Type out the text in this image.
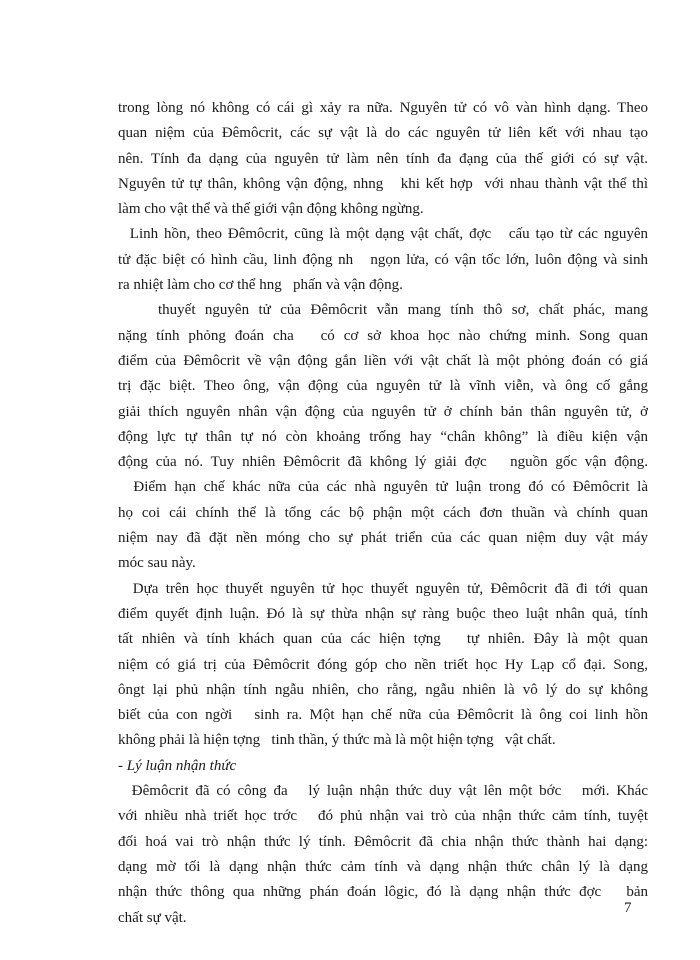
trong lòng nó không có cái gì xảy ra nữa. Nguyên tử có vô vàn hình dạng. Theo
quan niệm của Đêmôcrit, các sự vật là do các nguyên tử liên kết với nhau tạo
nên. Tính đa dạng của nguyên tử làm nên tính đa đạng của thế giới có sự vật.
Nguyên tử tự thân, không vận động, nhng   khi kết hợp  với nhau thành vật thể thì
làm cho vật thể và thế giới vận động không ngừng.
Linh hồn, theo Đêmôcrit, cũng là một dạng vật chất, đợc   cấu tạo từ các nguyên
tử đặc biệt có hình cầu, linh động nh   ngọn lửa, có vận tốc lớn, luôn động và sinh
ra nhiệt làm cho cơ thể hng   phấn và vận động.

thuyết nguyên tử của Đêmôcrit vẫn mang tính thô sơ, chất phác, mang
nặng tính phỏng đoán cha   có cơ sở khoa học nào chứng minh. Song quan
điểm của Đêmôcrit về vận động gắn liền với vật chất là một phỏng đoán có giá
trị đặc biệt. Theo ông, vận động của nguyên tử là vĩnh viễn, và ông cố gắng
giải thích nguyên nhân vận động của nguyên tử ở chính bản thân nguyên tử, ở
động lực tự thân tự nó còn khoảng trống hay “chân không” là điều kiện vận
động của nó. Tuy nhiên Đêmôcrit đã không lý giải đợc   nguồn gốc vận động.
Điểm hạn chế khác nữa của các nhà nguyên tử luận trong đó có Đêmôcrit là
họ coi cái chính thể là tổng các bộ phận một cách đơn thuần và chính quan
niệm nay đã đặt nền móng cho sự phát triển của các quan niệm duy vật máy
móc sau này.
Dựa trên học thuyết nguyên tử học thuyết nguyên tử, Đêmôcrit đã đi tới quan
điểm quyết định luận. Đó là sự thừa nhận sự ràng buộc theo luật nhân quả, tính
tất nhiên và tính khách quan của các hiện tợng   tự nhiên. Đây là một quan
niệm có giá trị của Đêmôcrit đóng góp cho nền triết học Hy Lạp cổ đại. Song,
ôngt lại phủ nhận tính ngẫu nhiên, cho rằng, ngẫu nhiên là vô lý do sự không
biết của con ngời   sinh ra. Một hạn chế nữa của Đêmôcrit là ông coi linh hồn
không phải là hiện tợng   tinh thần, ý thức mà là một hiện tợng   vật chất.
- Lý luận nhận thức
Đêmôcrit đã có công đa   lý luận nhận thức duy vật lên một bớc   mới. Khác
với nhiều nhà triết học trớc   đó phủ nhận vai trò của nhận thức cảm tính, tuyệt
đối hoá vai trò nhận thức lý tính. Đêmôcrit đã chia nhận thức thành hai dạng:
dạng mờ tối là dạng nhận thức cảm tính và dạng nhận thức chân lý là dạng
nhận thức thông qua những phán đoán lôgic, đó là dạng nhận thức đợc   bản
chất sự vật.
7
